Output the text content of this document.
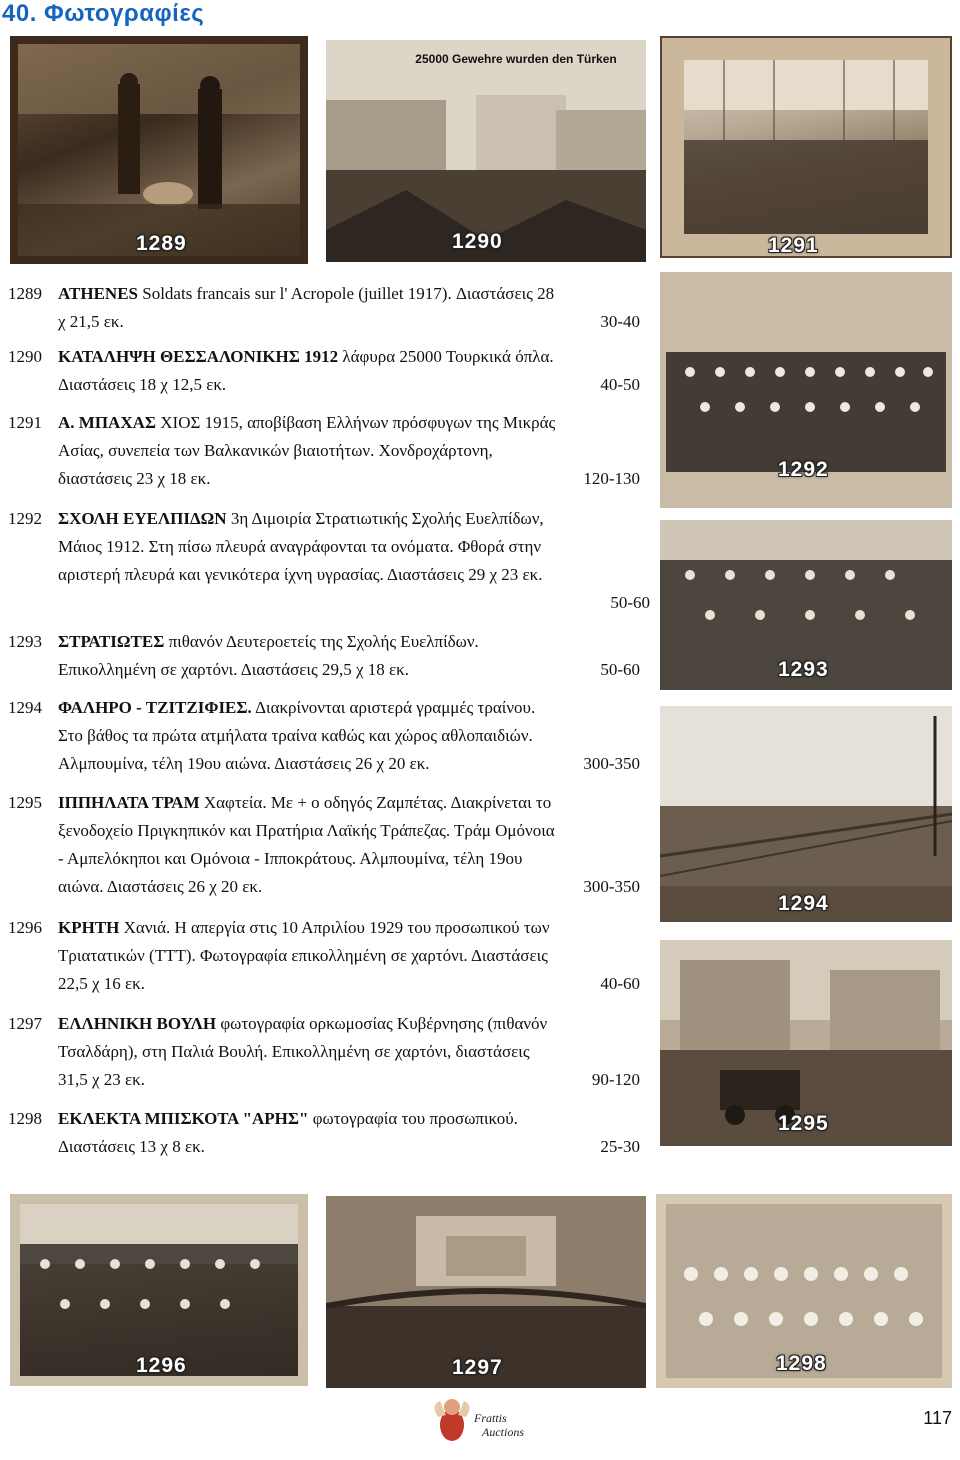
40. Φωτογραφίες
1289
25000 Gewehre wurden den Türken
1290	1291
1292
1293
1294
1295
1296	1297	1298
1289 ATHENES Soldats francais sur l' Acropole (juillet 1917). Διαστάσεις 28
χ 21,5 εκ.	30-40
1290 ΚΑΤΑΛΗΨΗ ΘΕΣΣΑΛΟΝΙΚΗΣ 1912 λάφυρα 25000 Τουρκικά όπλα.
Διαστάσεις 18 χ 12,5 εκ.	40-50
1291 Α. ΜΠΑΧΑΣ ΧΙΟΣ 1915, αποβίβαση Ελλήνων πρόσφυγων της Μικράς
Ασίας, συνεπεία των Βαλκανικών βιαιοτήτων. Χονδροχάρτονη,
διαστάσεις 23 χ 18 εκ.	120-130
1292 ΣΧΟΛΗ ΕΥΕΛΠΙΔΩΝ 3η Διμοιρία Στρατιωτικής Σχολής Ευελπίδων,
Μάιος 1912. Στη πίσω πλευρά αναγράφονται τα ονόματα. Φθορά στην
αριστερή πλευρά και γενικότερα ίχνη υγρασίας. Διαστάσεις 29 χ 23 εκ.
50-60
1293 ΣΤΡΑΤΙΩΤΕΣ πιθανόν Δευτεροετείς της Σχολής Ευελπίδων.
Επικολλημένη σε χαρτόνι. Διαστάσεις 29,5 χ 18 εκ.	50-60
1294 ΦΑΛΗΡΟ - ΤΖΙΤΖΙΦΙΕΣ. Διακρίνονται αριστερά γραμμές τραίνου.
Στο βάθος τα πρώτα ατμήλατα τραίνα καθώς και χώρος αθλοπαιδιών.
Αλμπουμίνα, τέλη 19ου αιώνα. Διαστάσεις 26 χ 20 εκ.	300-350
1295 ΙΠΠΗΛΑΤΑ ΤΡΑΜ Χαφτεία. Με + ο οδηγός Ζαμπέτας. Διακρίνεται το
ξενοδοχείο Πριγκηπικόν και Πρατήρια Λαϊκής Τράπεζας. Τράμ Ομόνοια
- Αμπελόκηποι και Ομόνοια - Ιπποκράτους. Αλμπουμίνα, τέλη 19ου
αιώνα. Διαστάσεις 26 χ 20 εκ.	300-350
1296 ΚΡΗΤΗ Χανιά. Η απεργία στις 10 Απριλίου 1929 του προσωπικού των
Τριατατικών (ΤΤΤ). Φωτογραφία επικολλημένη σε χαρτόνι. Διαστάσεις
22,5 χ 16 εκ.	40-60
1297 ΕΛΛΗΝΙΚΗ ΒΟΥΛΗ φωτογραφία ορκωμοσίας Κυβέρνησης (πιθανόν
Τσαλδάρη), στη Παλιά Βουλή. Επικολλημένη σε χαρτόνι, διαστάσεις
31,5 χ 23 εκ.	90-120
1298 ΕΚΛΕΚΤΑ ΜΠΙΣΚΟΤΑ "ΑΡΗΣ" φωτογραφία του προσωπικού.
Διαστάσεις 13 χ 8 εκ.	25-30
Frattis
Auctions
117
